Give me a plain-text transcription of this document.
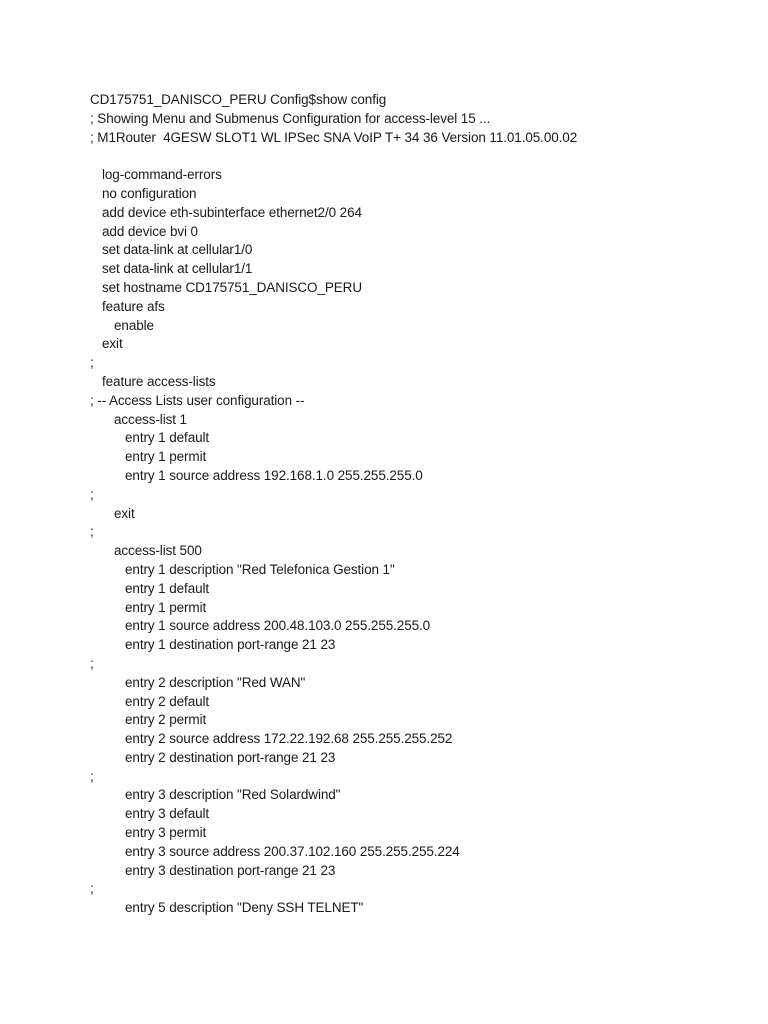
CD175751_DANISCO_PERU Config$show config
; Showing Menu and Submenus Configuration for access-level 15 ...
; M1Router  4GESW SLOT1 WL IPSec SNA VoIP T+ 34 36 Version 11.01.05.00.02
log-command-errors
no configuration
add device eth-subinterface ethernet2/0 264
add device bvi 0
set data-link at cellular1/0
set data-link at cellular1/1
set hostname CD175751_DANISCO_PERU
feature afs
enable
exit
;
feature access-lists
; -- Access Lists user configuration --
access-list 1
entry 1 default
entry 1 permit
entry 1 source address 192.168.1.0 255.255.255.0
;
exit
;
access-list 500
entry 1 description "Red Telefonica Gestion 1"
entry 1 default
entry 1 permit
entry 1 source address 200.48.103.0 255.255.255.0
entry 1 destination port-range 21 23
;
entry 2 description "Red WAN"
entry 2 default
entry 2 permit
entry 2 source address 172.22.192.68 255.255.255.252
entry 2 destination port-range 21 23
;
entry 3 description "Red Solardwind"
entry 3 default
entry 3 permit
entry 3 source address 200.37.102.160 255.255.255.224
entry 3 destination port-range 21 23
;
entry 5 description "Deny SSH TELNET"
